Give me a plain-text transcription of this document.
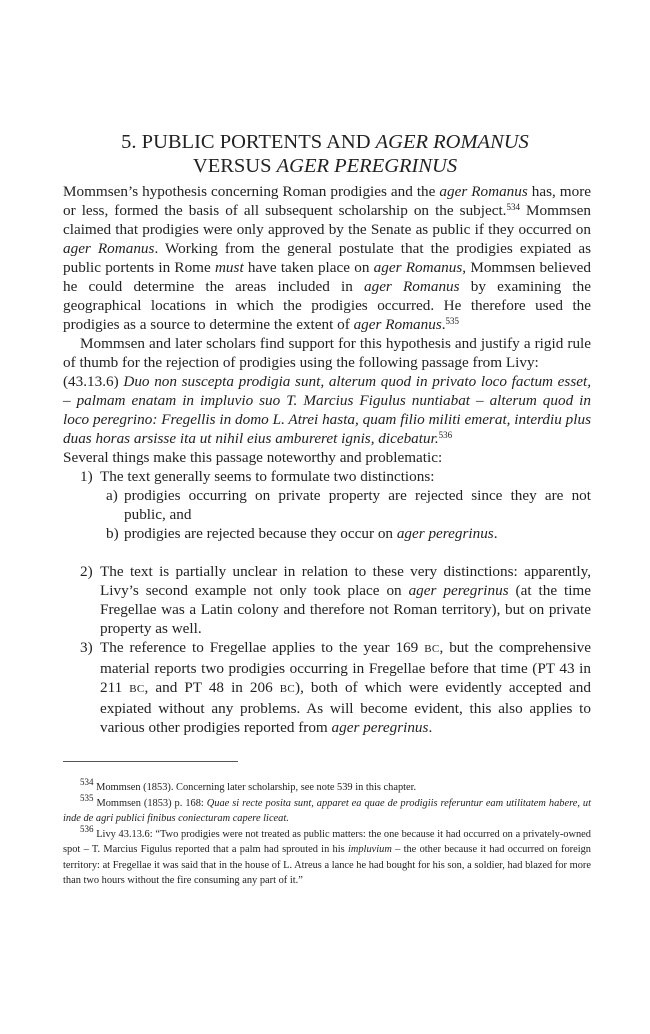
5. PUBLIC PORTENTS AND AGER ROMANUS
VERSUS AGER PEREGRINUS

Mommsen’s hypothesis concerning Roman prodigies and the ager Romanus has, more or less, formed the basis of all subsequent scholarship on the subject.$^{534}$ Mommsen claimed that prodigies were only approved by the Senate as public if they occurred on ager Romanus. Working from the general postulate that the prodigies expiated as public portents in Rome must have taken place on ager Romanus, Mommsen believed he could determine the areas included in ager Romanus by examining the geographical locations in which the prodigies occurred. He therefore used the prodigies as a source to determine the extent of ager Romanus.$^{535}$

Mommsen and later scholars find support for this hypothesis and justify a rigid rule of thumb for the rejection of prodigies using the following passage from Livy:

(43.13.6) Duo non suscepta prodigia sunt, alterum quod in privato loco factum esset, – palmam enatam in impluvio suo T. Marcius Figulus nuntiabat – alterum quod in loco peregrino: Fregellis in domo L. Atrei hasta, quam filio militi emerat, interdiu plus duas horas arsisse ita ut nihil eius ambureret ignis, dicebatur.$^{536}$

Several things make this passage noteworthy and problematic:

1) The text generally seems to formulate two distinctions:
a) prodigies occurring on private property are rejected since they are not public, and
b) prodigies are rejected because they occur on ager peregrinus.
2) The text is partially unclear in relation to these very distinctions: apparently, Livy’s second example not only took place on ager peregrinus (at the time Fregellae was a Latin colony and therefore not Roman territory), but on private property as well.
3) The reference to Fregellae applies to the year 169 BC, but the comprehensive material reports two prodigies occurring in Fregellae before that time (PT 43 in 211 BC, and PT 48 in 206 BC), both of which were evidently accepted and expiated without any problems. As will become evident, this also applies to various other prodigies reported from ager peregrinus.

$^{534}$ Mommsen (1853). Concerning later scholarship, see note 539 in this chapter.

$^{535}$ Mommsen (1853) p. 168: Quae si recte posita sunt, apparet ea quae de prodigiis referuntur eam utilitatem habere, ut inde de agri publici finibus coniecturam capere liceat.

$^{536}$ Livy 43.13.6: “Two prodigies were not treated as public matters: the one because it had occurred on a privately-owned spot – T. Marcius Figulus reported that a palm had sprouted in his impluvium – the other because it had occurred on foreign territory: at Fregellae it was said that in the house of L. Atreus a lance he had bought for his son, a soldier, had blazed for more than two hours without the fire consuming any part of it.”
